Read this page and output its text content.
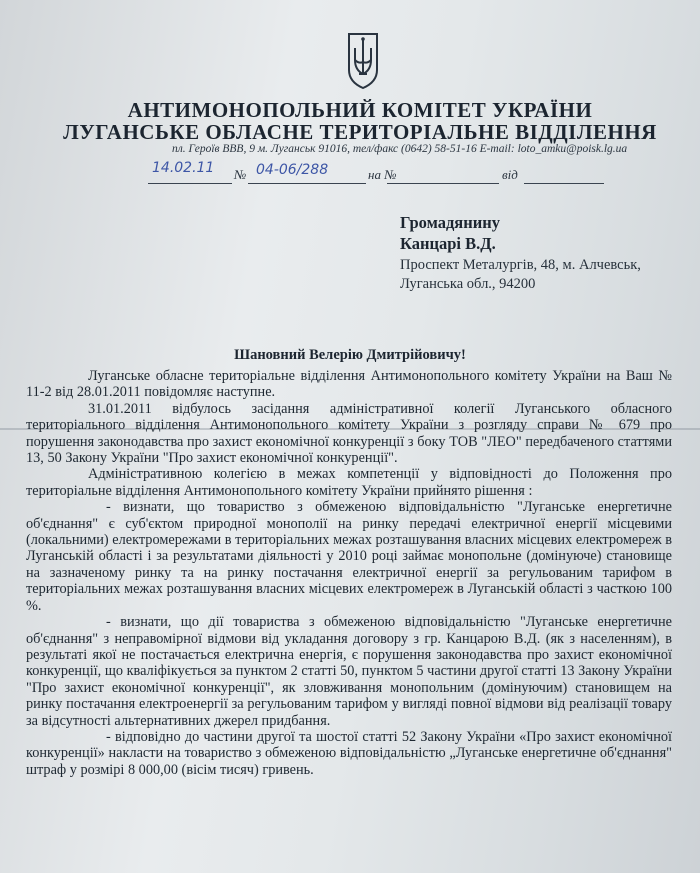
АНТИМОНОПОЛЬНИЙ КОМІТЕТ УКРАЇНИ
ЛУГАНСЬКЕ ОБЛАСНЕ ТЕРИТОРІАЛЬНЕ ВІДДІЛЕННЯ
пл. Героїв ВВВ, 9 м. Луганськ 91016, тел/факс (0642) 58-51-16 E-mail: loto_amku@poisk.lg.ua
14.02.11 № 04-06/288	на №	від
Громадянину
Канцарі В.Д.
Проспект Металургів, 48, м. Алчевськ,
Луганська обл., 94200
Шановний Велерію Дмитрійовичу!

Луганське обласне територіальне відділення Антимонопольного комітету України на Ваш № 11-2 від 28.01.2011 повідомляє наступне.

31.01.2011 відбулось засідання адміністративної колегії Луганського обласного територіального відділення Антимонопольного комітету України з розгляду справи № 679 про порушення законодавства про захист економічної конкуренції з боку ТОВ "ЛЕО" передбаченого статтями 13, 50 Закону України "Про захист економічної конкуренції".

Адміністративною колегією в межах компетенції у відповідності до Положення про територіальне відділення Антимонопольного комітету України прийнято рішення :

- визнати, що товариство з обмеженою відповідальністю "Луганське енергетичне об'єднання" є суб'єктом природної монополії на ринку передачі електричної енергії місцевими (локальними) електромережами в територіальних межах розташування власних місцевих електромереж в Луганській області і за результатами діяльності у 2010 році займає монопольне (домінуюче) становище на зазначеному ринку та на ринку постачання електричної енергії за регульованим тарифом в територіальних межах розташування власних місцевих електромереж в Луганській області з часткою 100 %.

- визнати, що дії товариства з обмеженою відповідальністю "Луганське енергетичне об'єднання" з неправомірної відмови від укладання договору з гр. Канцарою В.Д. (як з населенням), в результаті якої не постачається електрична енергія, є порушення законодавства про захист економічної конкуренції, що кваліфікується за пунктом 2 статті 50, пунктом 5 частини другої статті 13 Закону України "Про захист економічної конкуренції", як зловживання монопольним (домінуючим) становищем на ринку постачання електроенергії за регульованим тарифом у вигляді повної відмови від реалізації товару за відсутності альтернативних джерел придбання.

- відповідно до частини другої та шостої статті 52 Закону України «Про захист економічної конкуренції» накласти на товариство з обмеженою відповідальністю „Луганське енергетичне об'єднання" штраф у розмірі 8 000,00 (вісім тисяч) гривень.
